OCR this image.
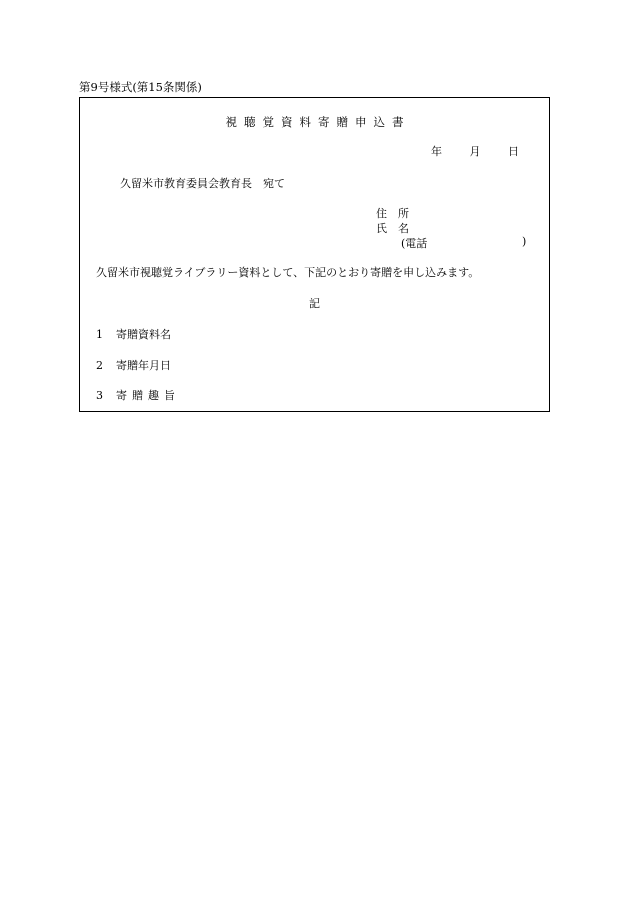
第9号様式(第15条関係)
視聴覚資料寄贈申込書
年	月	日
久留米市教育委員会教育長　宛て
住　所
氏　名
(電話	)
久留米市視聴覚ライブラリー資料として、下記のとおり寄贈を申し込みます。
記
1 寄贈資料名
2 寄贈年月日
3 寄贈趣旨
